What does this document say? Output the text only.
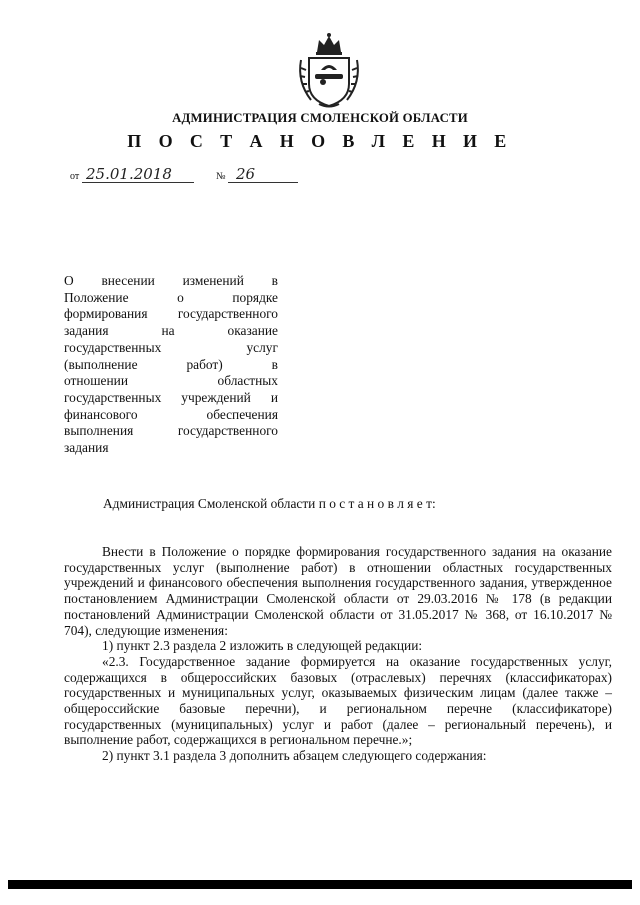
АДМИНИСТРАЦИЯ СМОЛЕНСКОЙ ОБЛАСТИ
П О С Т А Н О В Л Е Н И Е
от 25.01.2018	№ 26
О внесении изменений в
Положение о порядке
формирования государственного
задания на оказание
государственных услуг
(выполнение работ) в
отношении областных
государственных учреждений и
финансового обеспечения
выполнения государственного
задания
Администрация Смоленской области п о с т а н о в л я е т:

Внести в Положение о порядке формирования государственного задания на оказание государственных услуг (выполнение работ) в отношении областных государственных учреждений и финансового обеспечения выполнения государственного задания, утвержденное постановлением Администрации Смоленской области от 29.03.2016 № 178 (в редакции постановлений Администрации Смоленской области от 31.05.2017 № 368, от 16.10.2017 № 704), следующие изменения:

1) пункт 2.3 раздела 2 изложить в следующей редакции:

«2.3. Государственное задание формируется на оказание государственных услуг, содержащихся в общероссийских базовых (отраслевых) перечнях (классификаторах) государственных и муниципальных услуг, оказываемых физическим лицам (далее также – общероссийские базовые перечни), и региональном перечне (классификаторе) государственных (муниципальных) услуг и работ (далее – региональный перечень), и выполнение работ, содержащихся в региональном перечне.»;

2) пункт 3.1 раздела 3 дополнить абзацем следующего содержания:
